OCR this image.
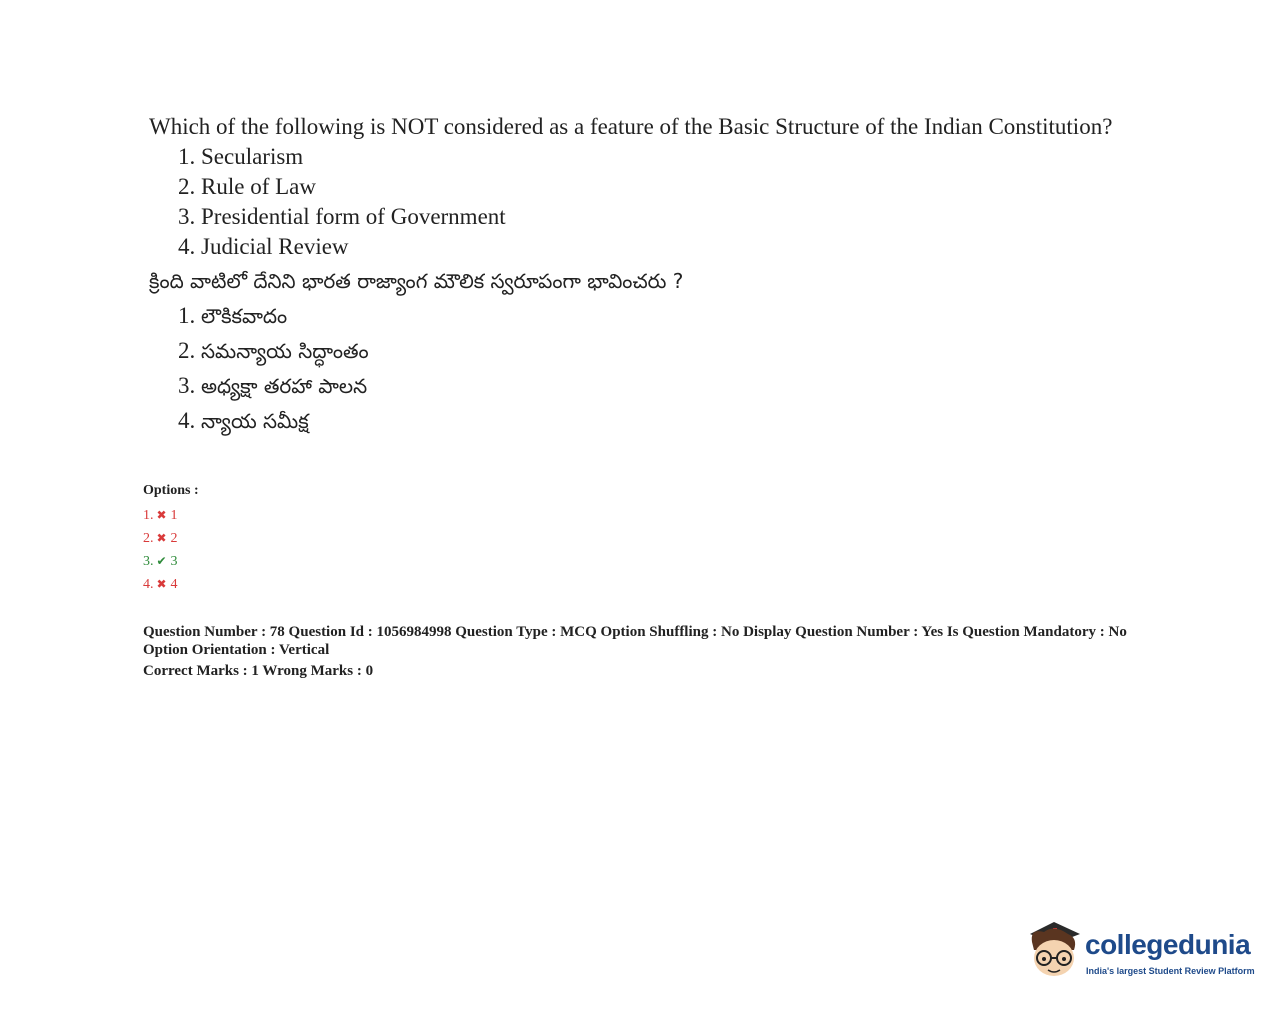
Which of the following is NOT considered as a feature of the Basic Structure of the Indian Constitution?

1. Secularism
2. Rule of Law
3. Presidential form of Government
4. Judicial Review

క్రింది వాటిలో దేనిని భారత రాజ్యాంగ మౌలిక స్వరూపంగా భావించరు ?

1. లౌకికవాదం
2. సమన్యాయ సిద్ధాంతం
3. అధ్యక్షా తరహా పాలన
4. న్యాయ సమీక్ష

Options :

1. ✖ 1
2. ✖ 2
3. ✔ 3
4. ✖ 4

Question Number : 78 Question Id : 1056984998 Question Type : MCQ Option Shuffling : No Display Question Number : Yes Is Question Mandatory : No Option Orientation : Vertical

Correct Marks : 1 Wrong Marks : 0

collegedunia
India's largest Student Review Platform
